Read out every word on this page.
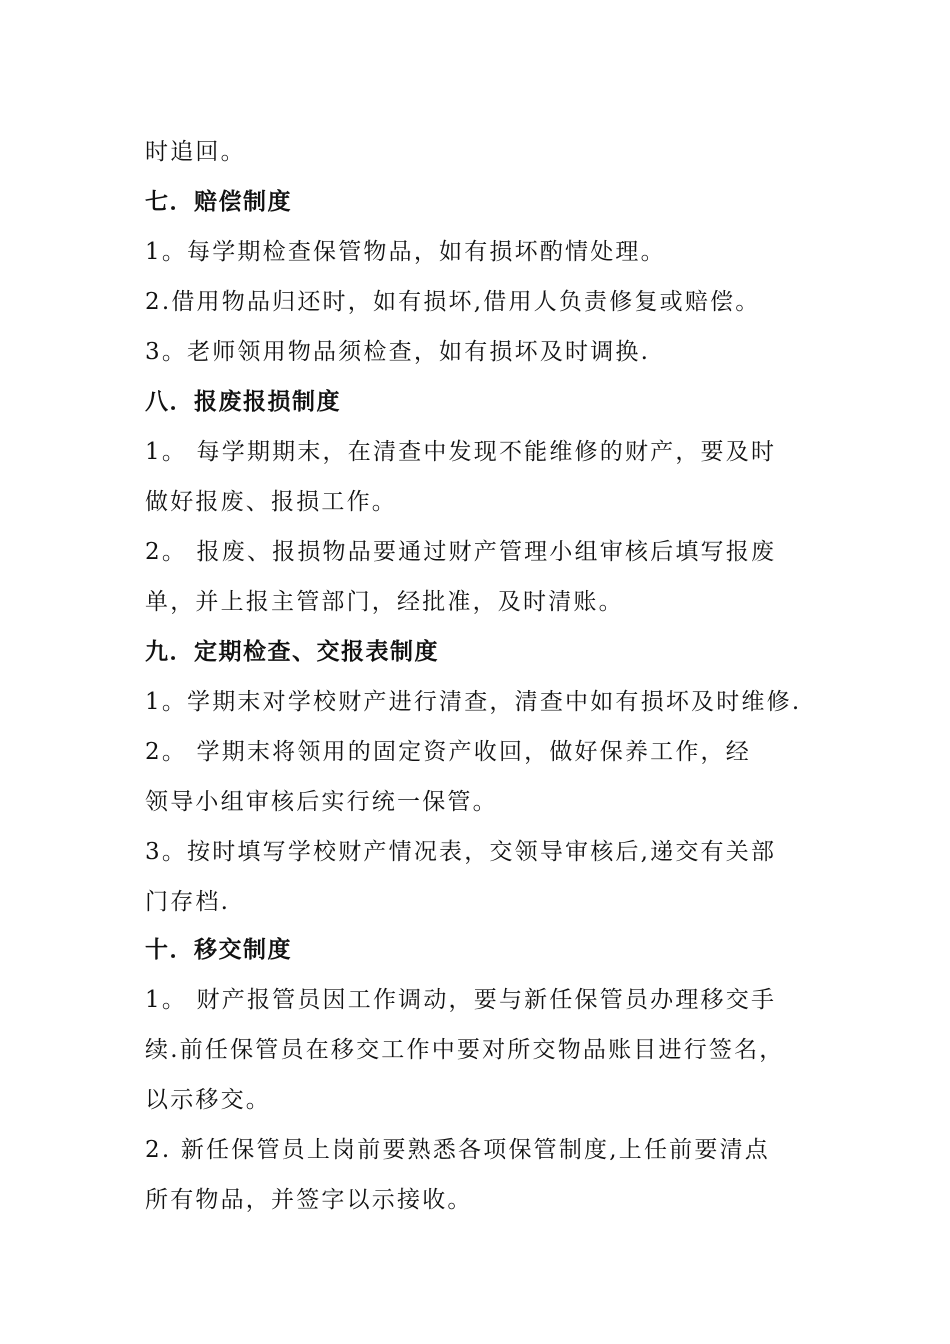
时追回。
七．赔偿制度
1。每学期检查保管物品，如有损坏酌情处理。
2.借用物品归还时，如有损坏,借用人负责修复或赔偿。
3。老师领用物品须检查，如有损坏及时调换.
八．报废报损制度
1。 每学期期末，在清查中发现不能维修的财产，要及时
做好报废、报损工作。
2。 报废、报损物品要通过财产管理小组审核后填写报废
单，并上报主管部门，经批准，及时清账。
九．定期检查、交报表制度
1。学期末对学校财产进行清查，清查中如有损坏及时维修.
2。 学期末将领用的固定资产收回，做好保养工作，经
领导小组审核后实行统一保管。
3。按时填写学校财产情况表，交领导审核后,递交有关部
门存档.
十．移交制度
1。 财产报管员因工作调动，要与新任保管员办理移交手
续.前任保管员在移交工作中要对所交物品账目进行签名，
以示移交。
2. 新任保管员上岗前要熟悉各项保管制度,上任前要清点
所有物品，并签字以示接收。
